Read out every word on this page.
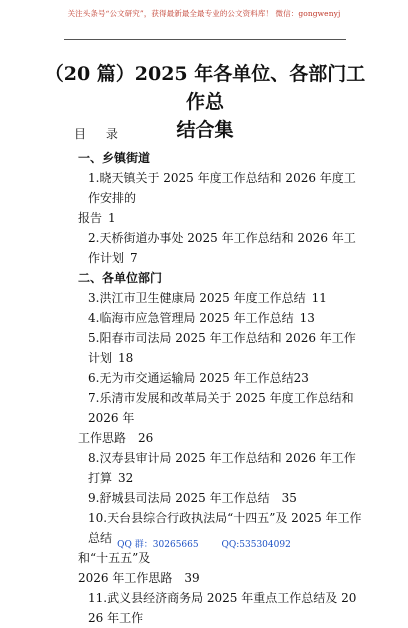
关注头条号“公文研究”，获得最新最全最专业的公文资料库！ 微信：gongwenyj
（20 篇）2025 年各单位、各部门工作总
结合集
目 录
一、乡镇街道
1.晓天镇关于 2025 年度工作总结和 2026 年度工作安排的
报告 1
2.天桥街道办事处 2025 年工作总结和 2026 年工作计划 7
二、各单位部门
3.洪江市卫生健康局 2025 年度工作总结 11
4.临海市应急管理局 2025 年工作总结 13
5.阳春市司法局 2025 年工作总结和 2026 年工作计划 18
6.无为市交通运输局 2025 年工作总结23
7.乐清市发展和改革局关于 2025 年度工作总结和 2026 年
工作思路 26
8.汉寿县审计局 2025 年工作总结和 2026 年工作打算 32
9.舒城县司法局 2025 年工作总结 35
10.天台县综合行政执法局“十四五”及 2025 年工作总结
和“十五五”及
2026 年工作思路 39
11.武义县经济商务局 2025 年重点工作总结及 2026 年工作
QQ 群：30265665	QQ:535304092
